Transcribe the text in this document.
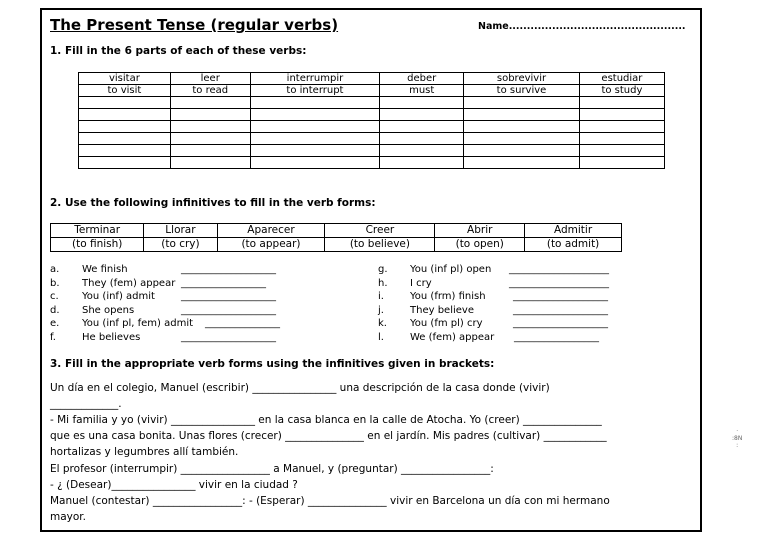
The Present Tense (regular verbs)	Name.................................................
1. Fill in the 6 parts of each of these verbs:
visitar	leer	interrumpir	deber	sobrevivir	estudiar
to visit	to read	to interrupt	must	to survive	to study

2. Use the following infinitives to fill in the verb forms:
Terminar	Llorar	Aparecer	Creer	Abrir	Admitir
(to finish)	(to cry)	(to appear)	(to believe)	(to open)	(to admit)
a. We finish	___________________
b. They (fem) appear _________________
c. You (inf) admit	___________________
d. She opens	___________________
e. You (inf pl, fem) admit _______________
f.	He believes	___________________
g. You (inf pl) open ____________________
h. I cry	____________________
i.	You (frm) finish	___________________
j.	They believe	___________________
k. You (fm pl) cry	___________________
l.	We (fem) appear _________________
3. Fill in the appropriate verb forms using the infinitives given in brackets:
Un día en el colegio, Manuel (escribir) ________________ una descripción de la casa donde (vivir)
_____________.
- Mi familia y yo (vivir) ________________ en la casa blanca en la calle de Atocha. Yo (creer) _______________
que es una casa bonita. Unas flores (crecer) _______________ en el jardín. Mis padres (cultivar) ____________
hortalizas y legumbres allí también.
El profesor (interrumpir) _________________ a Manuel, y (preguntar) _________________:
- ¿ (Desear)________________ vivir en la ciudad ?
Manuel (contestar) _________________: - (Esperar) _______________ vivir en Barcelona un día con mi hermano
mayor.
·
:8N
:
